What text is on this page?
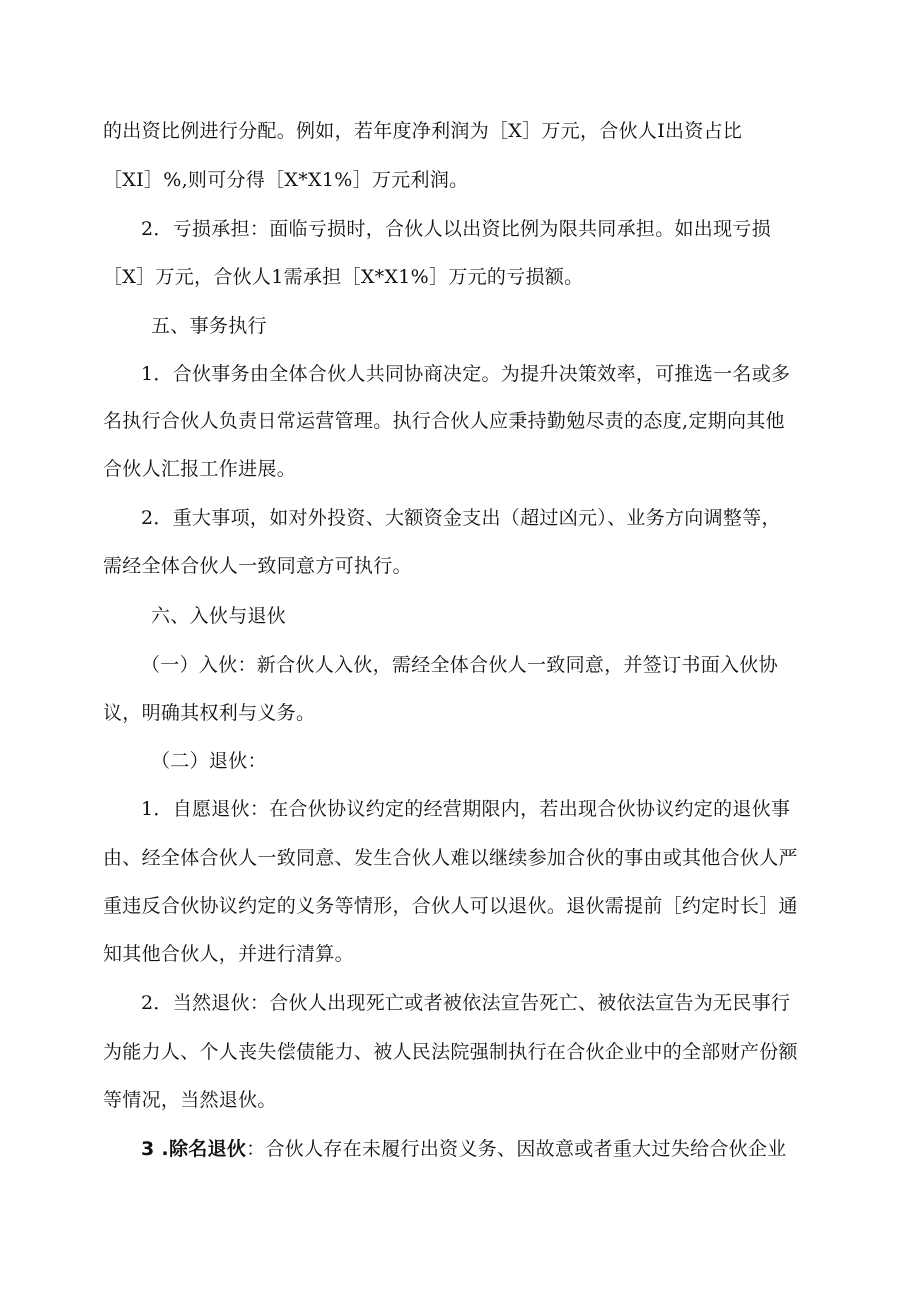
的出资比例进行分配。例如，若年度净利润为［X］万元，合伙人I出资占比
［XI］%,则可分得［X*X1%］万元利润。
2．亏损承担：面临亏损时，合伙人以出资比例为限共同承担。如出现亏损
［X］万元，合伙人1需承担［X*X1%］万元的亏损额。
五、事务执行
1．合伙事务由全体合伙人共同协商决定。为提升决策效率，可推选一名或多
名执行合伙人负责日常运营管理。执行合伙人应秉持勤勉尽责的态度,定期向其他
合伙人汇报工作进展。
2．重大事项，如对外投资、大额资金支出（超过凶元）、业务方向调整等，
需经全体合伙人一致同意方可执行。
六、入伙与退伙
（一）入伙：新合伙人入伙，需经全体合伙人一致同意，并签订书面入伙协
议，明确其权利与义务。
（二）退伙：
1．自愿退伙：在合伙协议约定的经营期限内，若出现合伙协议约定的退伙事
由、经全体合伙人一致同意、发生合伙人难以继续参加合伙的事由或其他合伙人严
重违反合伙协议约定的义务等情形，合伙人可以退伙。退伙需提前［约定时长］通
知其他合伙人，并进行清算。
2．当然退伙：合伙人出现死亡或者被依法宣告死亡、被依法宣告为无民事行
为能力人、个人丧失偿债能力、被人民法院强制执行在合伙企业中的全部财产份额
等情况，当然退伙。
3 .除名退伙：合伙人存在未履行出资义务、因故意或者重大过失给合伙企业
